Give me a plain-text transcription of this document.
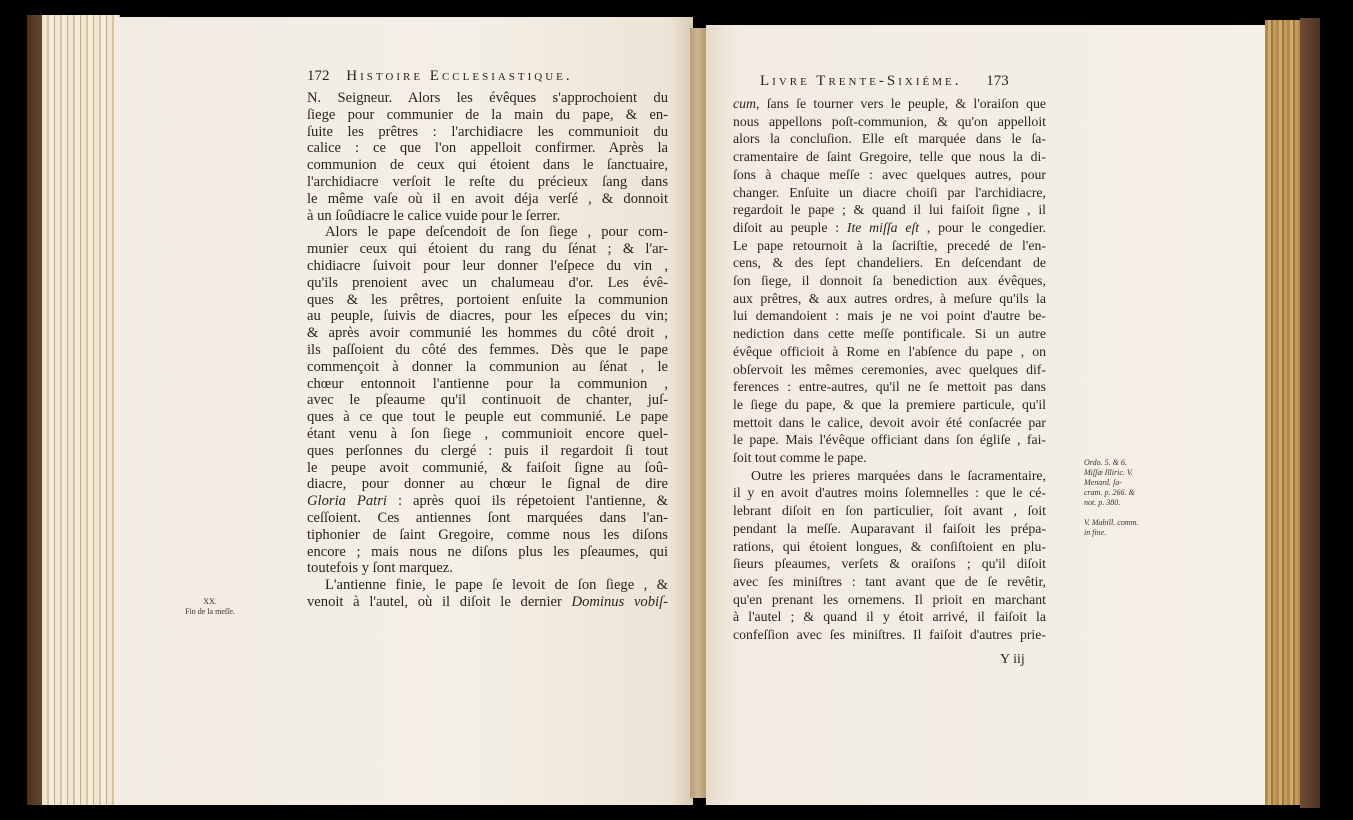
172 Histoire Ecclesiastique.
N. Seigneur. Alors les évêques s'approchoient du
ſiege pour communier de la main du pape, & en-
ſuite les prêtres : l'archidiacre les communioit du
calice : ce que l'on appelloit confirmer. Après la
communion de ceux qui étoient dans le ſanctuaire,
l'archidiacre verſoit le reſte du précieux ſang dans
le même vaſe où il en avoit déja verſé , & donnoit
à un ſoûdiacre le calice vuide pour le ſerrer.
Alors le pape deſcendoit de ſon ſiege , pour com-
munier ceux qui étoient du rang du ſénat ; & l'ar-
chidiacre ſuivoit pour leur donner l'eſpece du vin ,
qu'ils prenoient avec un chalumeau d'or. Les évê-
ques & les prêtres, portoient enſuite la communion
au peuple, ſuivis de diacres, pour les eſpeces du vin;
& après avoir communié les hommes du côté droit ,
ils paſſoient du côté des femmes. Dès que le pape
commençoit à donner la communion au ſénat , le
chœur entonnoit l'antienne pour la communion ,
avec le pſeaume qu'il continuoit de chanter, juſ-
ques à ce que tout le peuple eut communié. Le pape
étant venu à ſon ſiege , communioit encore quel-
ques perſonnes du clergé : puis il regardoit ſi tout
le peupe avoit communié, & faiſoit ſigne au ſoû-
diacre, pour donner au chœur le ſignal de dire
Gloria Patri : après quoi ils répetoient l'antienne, &
ceſſoient. Ces antiennes ſont marquées dans l'an-
tiphonier de ſaint Gregoire, comme nous les diſons
encore ; mais nous ne diſons plus les pſeaumes, qui
toutefois y ſont marquez.
L'antienne finie, le pape ſe levoit de ſon ſiege , &
venoit à l'autel, où il diſoit le dernier Dominus vobiſ-
XX.
Fin de la meſſe.
Livre Trente-Sixiéme. 173
cum, ſans ſe tourner vers le peuple, & l'oraiſon que
nous appellons poſt-communion, & qu'on appelloit
alors la concluſion. Elle eſt marquée dans le ſa-
cramentaire de ſaint Gregoire, telle que nous la di-
ſons à chaque meſſe : avec quelques autres, pour
changer. Enſuite un diacre choiſi par l'archidiacre,
regardoit le pape ; & quand il lui faiſoit ſigne , il
diſoit au peuple : Ite miſſa eſt , pour le congedier.
Le pape retournoit à la ſacriſtie, precedé de l'en-
cens, & des ſept chandeliers. En deſcendant de
ſon ſiege, il donnoit ſa benediction aux évêques,
aux prêtres, & aux autres ordres, à meſure qu'ils la
lui demandoient : mais je ne voi point d'autre be-
nediction dans cette meſſe pontificale. Si un autre
évêque officioit à Rome en l'abſence du pape , on
obſervoit les mêmes ceremonies, avec quelques dif-
ferences : entre-autres, qu'il ne ſe mettoit pas dans
le ſiege du pape, & que la premiere particule, qu'il
mettoit dans le calice, devoit avoir été conſacrée par
le pape. Mais l'évêque officiant dans ſon égliſe , fai-
ſoit tout comme le pape.
Outre les prieres marquées dans le ſacramentaire,
il y en avoit d'autres moins ſolemnelles : que le cé-
lebrant diſoit en ſon particulier, ſoit avant , ſoit
pendant la meſſe. Auparavant il faiſoit les prépa-
rations, qui étoient longues, & conſiſtoient en plu-
ſieurs pſeaumes, verſets & oraiſons ; qu'il diſoit
avec ſes miniſtres : tant avant que de ſe revêtir,
qu'en prenant les ornemens. Il prioit en marchant
à l'autel ; & quand il y étoit arrivé, il faiſoit la
confeſſion avec ſes miniſtres. Il faiſoit d'autres prie-
Ordo. 5. & 6.
Miſſæ Illiric. V.
Menard. ſa-
cram. p. 266. &
not. p. 380.
V. Mabill. comm.
in fine.
Y iij
